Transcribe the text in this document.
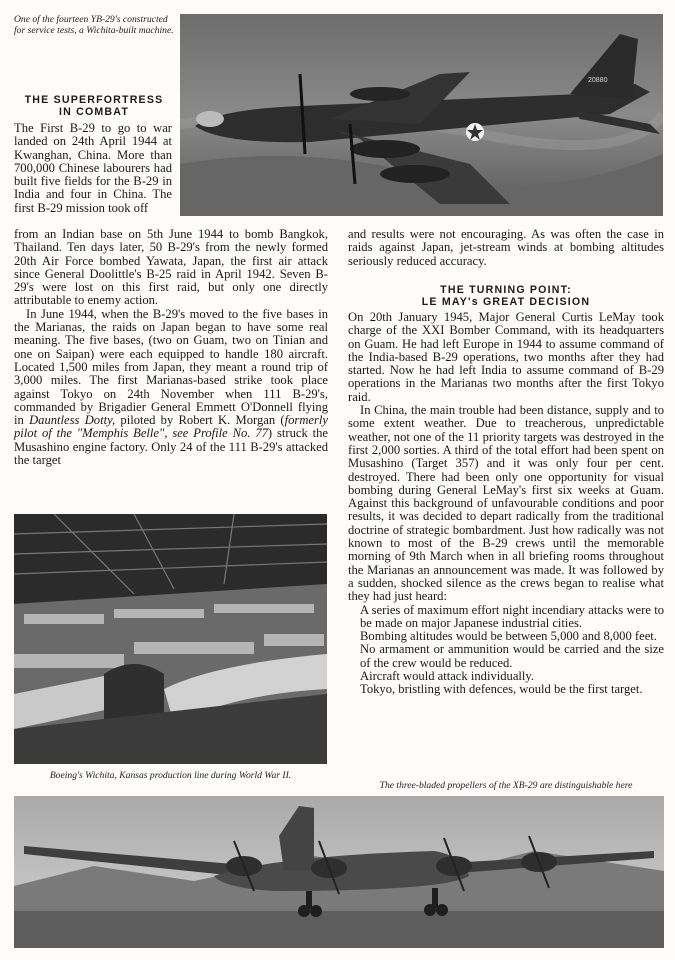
One of the fourteen YB-29's constructed for service tests, a Wichita-built machine.
20880

THE SUPERFORTRESS

IN COMBAT

The First B-29 to go to war landed on 24th April 1944 at Kwanghan, China. More than 700,000 Chinese labourers had built five fields for the B-29 in India and four in China. The first B-29 mission took off

from an Indian base on 5th June 1944 to bomb Bangkok, Thailand. Ten days later, 50 B-29's from the newly formed 20th Air Force bombed Yawata, Japan, the first air attack since General Doolittle's B-25 raid in April 1942. Seven B-29's were lost on this first raid, but only one directly attributable to enemy action.

In June 1944, when the B-29's moved to the five bases in the Marianas, the raids on Japan began to have some real meaning. The five bases, (two on Guam, two on Tinian and one on Saipan) were each equipped to handle 180 aircraft. Located 1,500 miles from Japan, they meant a round trip of 3,000 miles. The first Marianas-based strike took place against Tokyo on 24th November when 111 B-29's, commanded by Brigadier General Emmett O'Donnell flying in Dauntless Dotty, piloted by Robert K. Morgan (formerly pilot of the "Memphis Belle", see Profile No. 77) struck the Musashino engine factory. Only 24 of the 111 B-29's attacked the target

Boeing's Wichita, Kansas production line during World War II.

and results were not encouraging. As was often the case in raids against Japan, jet-stream winds at bombing altitudes seriously reduced accuracy.

THE TURNING POINT:

LE MAY's GREAT DECISION

On 20th January 1945, Major General Curtis LeMay took charge of the XXI Bomber Command, with its headquarters on Guam. He had left Europe in 1944 to assume command of the India-based B-29 operations, two months after they had started. Now he had left India to assume command of B-29 operations in the Marianas two months after the first Tokyo raid.

In China, the main trouble had been distance, supply and to some extent weather. Due to treacherous, unpredictable weather, not one of the 11 priority targets was destroyed in the first 2,000 sorties. A third of the total effort had been spent on Musashino (Target 357) and it was only four per cent. destroyed. There had been only one opportunity for visual bombing during General LeMay's first six weeks at Guam. Against this background of unfavourable conditions and poor results, it was decided to depart radically from the traditional doctrine of strategic bombardment. Just how radically was not known to most of the B-29 crews until the memorable morning of 9th March when in all briefing rooms throughout the Marianas an announcement was made. It was followed by a sudden, shocked silence as the crews began to realise what they had just heard:

A series of maximum effort night incendiary attacks were to be made on major Japanese industrial cities.

Bombing altitudes would be between 5,000 and 8,000 feet.

No armament or ammunition would be carried and the size of the crew would be reduced.

Aircraft would attack individually.

Tokyo, bristling with defences, would be the first target.

The three-bladed propellers of the XB-29 are distinguishable here
